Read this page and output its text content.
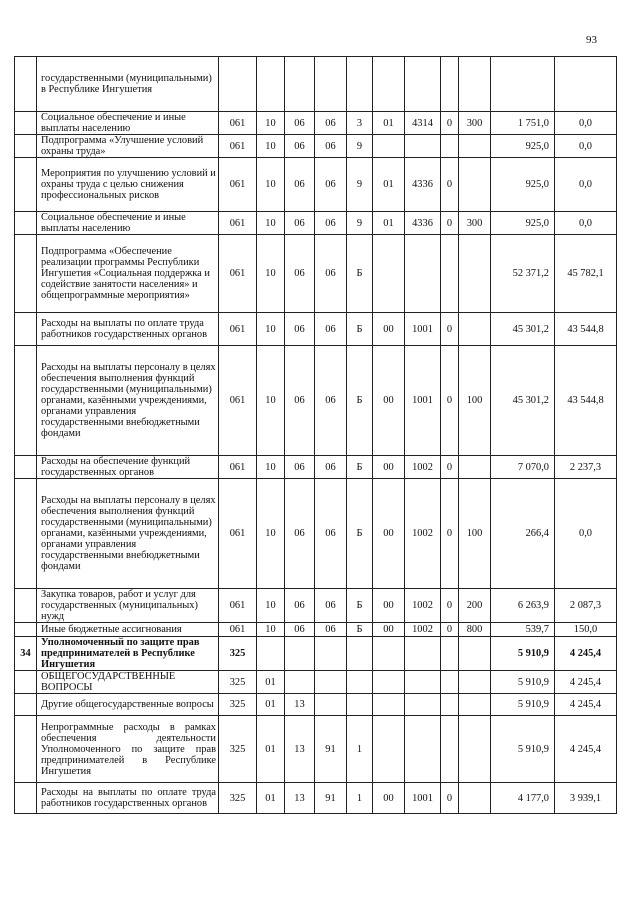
93
	государственными (муниципальными) в Республике Ингушетия											
	Социальное обеспечение и иные выплаты населению	061	10	06	06	3	01	4314	0	300	1 751,0	0,0
	Подпрограмма «Улучшение условий охраны труда»	061	10	06	06	9					925,0	0,0
	Мероприятия по улучшению условий и охраны труда с целью снижения профессиональных рисков	061	10	06	06	9	01	4336	0		925,0	0,0
	Социальное обеспечение и иные выплаты населению	061	10	06	06	9	01	4336	0	300	925,0	0,0
	Подпрограмма «Обеспечение реализации программы Республики Ингушетия «Социальная поддержка и содействие занятости населения» и общепрограммные мероприятия»	061	10	06	06	Б					52 371,2	45 782,1
	Расходы на выплаты по оплате труда работников государственных органов	061	10	06	06	Б	00	1001	0		45 301,2	43 544,8
	Расходы на выплаты персоналу в целях обеспечения выполнения функций государственными (муниципальными) органами, казёнными учреждениями, органами управления государственными внебюджетными фондами	061	10	06	06	Б	00	1001	0	100	45 301,2	43 544,8
	Расходы на обеспечение функций государственных органов	061	10	06	06	Б	00	1002	0		7 070,0	2 237,3
	Расходы на выплаты персоналу в целях обеспечения выполнения функций государственными (муниципальными) органами, казёнными учреждениями, органами управления государственными внебюджетными фондами	061	10	06	06	Б	00	1002	0	100	266,4	0,0
	Закупка товаров, работ и услуг для государственных (муниципальных) нужд	061	10	06	06	Б	00	1002	0	200	6 263,9	2 087,3
	Иные бюджетные ассигнования	061	10	06	06	Б	00	1002	0	800	539,7	150,0
34	Уполномоченный по защите прав предпринимателей в Республике Ингушетия	325									5 910,9	4 245,4
	ОБЩЕГОСУДАРСТВЕННЫЕ ВОПРОСЫ	325	01								5 910,9	4 245,4
	Другие общегосударственные вопросы	325	01	13							5 910,9	4 245,4
	Непрограммные расходы в рамках обеспечения деятельности Уполномоченного по защите прав предпринимателей в Республике Ингушетия	325	01	13	91	1					5 910,9	4 245,4
	Расходы на выплаты по оплате труда работников государственных органов	325	01	13	91	1	00	1001	0		4 177,0	3 939,1
